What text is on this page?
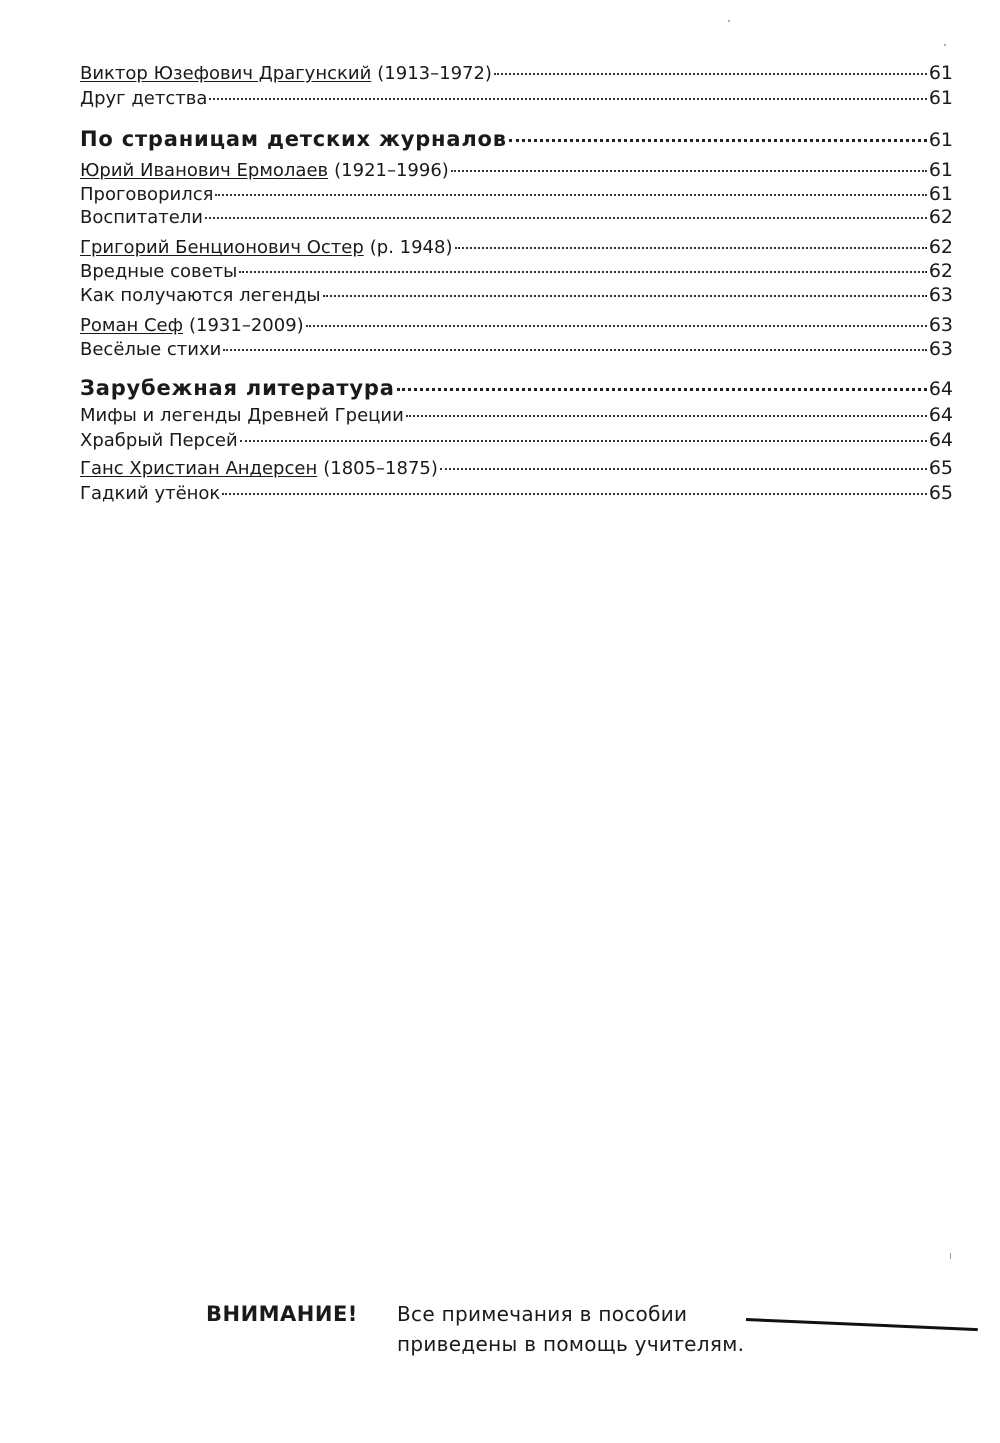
Виктор Юзефович Драгунский (1913–1972)	61
Друг детства	61
По страницам детских журналов	61
Юрий Иванович Ермолаев (1921–1996)	61
Проговорился	61
Воспитатели	62
Григорий Бенционович Остер (р. 1948)	62
Вредные советы	62
Как получаются легенды	63
Роман Сеф (1931–2009)	63
Весёлые стихи	63
Зарубежная литература	64
Мифы и легенды Древней Греции	64
Храбрый Персей	64
Ганс Христиан Андерсен (1805–1875)	65
Гадкий утёнок	65
ВНИМАНИЕ! Все примечания в пособии
приведены в помощь учителям.
